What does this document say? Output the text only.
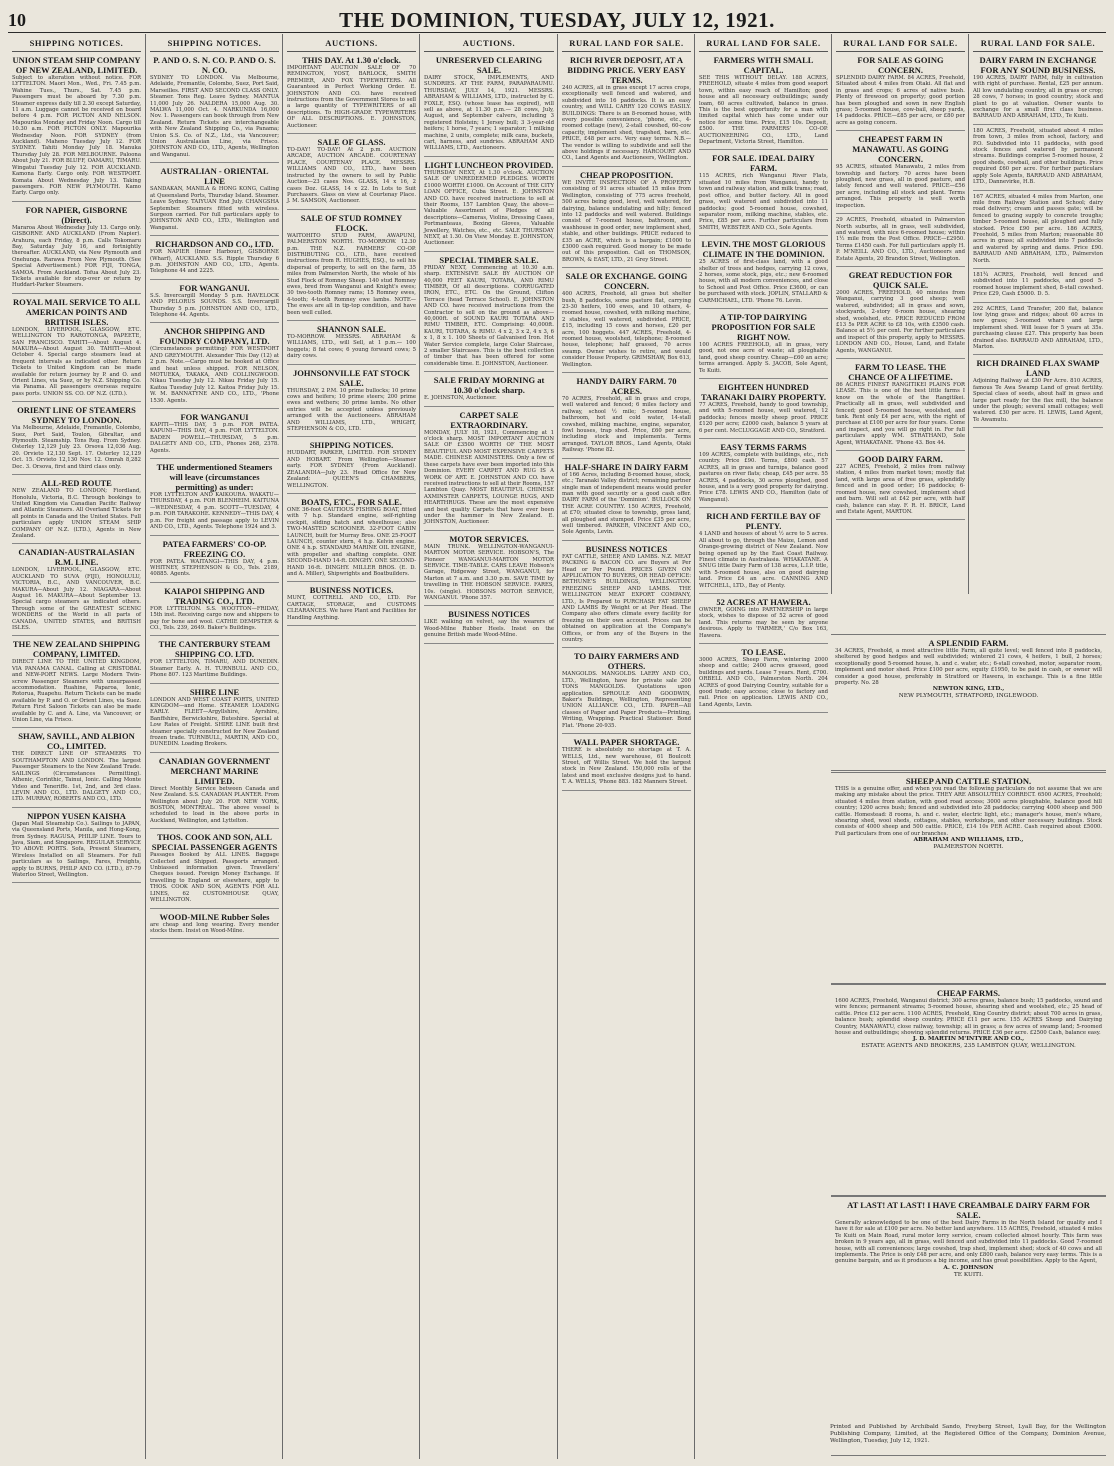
10	THE DOMINION, TUESDAY, JULY 12, 1921.
SHIPPING NOTICES.
UNION STEAM SHIP COMPANY OF NEW ZEALAND, LIMITED.
Subject to alteration without notice. FOR LYTTELTON. Maori Mon., Wed., Fri. 7.45 p.m. Wahine Tues., Thurs., Sat. 7.45 p.m. Passengers must be aboard by 7.30 p.m. Steamer express daily till 2.30 except Saturday, 11 a.m. Luggage cannot be received on board before 4 p.m. FOR PICTON AND NELSON. Mapourika Monday and Friday Noon. Cargo till 10.30 a.m. FOR PICTON ONLY. Mapourika Wednesday Noon. FOR SYDNEY (from Auckland). Maheno Tuesday July 12. FOR SYDNEY. Tahiti Monday July 18. Manuka Thursday July 28. FOR MELBOURNE. Paloona About July 21. FOR BLUFF, OAMARU, TIMARU. Wingatui Tuesday July 12. FOR AUCKLAND. Kamona Early. Cargo only. FOR WESTPORT. Komata About Wednesday July 13. Taking passengers. FOR NEW PLYMOUTH. Kamo Early. Cargo only.
FOR NAPIER, GISBORNE (Direct).
Mararoa About Wednesday July 13. Cargo only. GISBORNE AND AUCKLAND (From Napier). Arahura, each Friday, 8 p.m. Calls Tokomaru Bay, Saturday July 16, and fortnightly thereafter. AUCKLAND, via New Plymouth and Onehunga. Rarawa From New Plymouth. (See Special Advertisement.) FOR FIJI, TONGA, SAMOA. From Auckland. Tofua About July 23. Tickets available for stop-over or return by Huddart-Parker Steamers.
ROYAL MAIL SERVICE TO ALL AMERICAN POINTS AND BRITISH ISLES.
LONDON, LIVERPOOL, GLASGOW, ETC. WELLINGTON TO RAROTONGA, PAPEETE, SAN FRANCISCO. TAHITI—About August 4. MAKURA—About August 30. TAHITI—About October 4. Special cargo steamers lead at frequent intervals as indicated other. Return Tickets to United Kingdom can be made available for return journey by P. and O. and Orient Lines, via Suez, or by N.Z. Shipping Co. via Panama. All passengers overseas require pass ports. UNION SS. CO. OF N.Z. (LTD.).
ORIENT LINE OF STEAMERS SYDNEY TO LONDON.
Via Melbourne, Adelaide, Fremantle, Colombo, Suez, Port Said, Toulon, Gibraltar, and Plymouth. Steamship. Tons Reg. From Sydney. Osterley 12,129 July 23. Orsova 12,036 Aug. 20. Orvieto 12,130 Sept. 17. Osterley 12,129 Oct. 15. Orvieto 12,130 Nov. 12. Omrah 8,282 Dec. 3. Orsova, first and third class only.
ALL-RED ROUTE
NEW ZEALAND TO LONDON; Fiordland, Honolulu, Victoria, B.C. Through bookings to United Kingdom via Canadian Pacific Railway and Atlantic Steamers. All Overland Tickets for all points in Canada and the United States. Full particulars apply UNION STEAM SHIP COMPANY OF N.Z. (LTD.), Agents in New Zealand.
CANADIAN-AUSTRALASIAN R.M. LINE.
LONDON, LIVERPOOL, GLASGOW, ETC. AUCKLAND TO SUVA (FIJI), HONOLULU, VICTORIA, B.C., AND VANCOUVER, B.C. MAKURA—About July 12. NIAGARA—About August 16. MAKURA—About September 13. Special cargo steamers as indicated others. Through some of the GREATEST SCENIC WONDERS of the World in all parts of CANADA, UNITED STATES, and BRITISH ISLES.
THE NEW ZEALAND SHIPPING COMPANY, LIMITED.
DIRECT LINE TO THE UNITED KINGDOM, VIA PANAMA CANAL. Calling at CRISTOBAL and NEW-PORT NEWS. Large Modern Twin-screw Passenger Steamers with unsurpassed accommodation. Ruahine, Paparoa, Ionic, Rotorua, Ruapehu. Return Tickets can be made available by P. and O. or Orient Lines, via Suez. Return First Saloon Tickets can also be made available by C. and A. Line, via Vancouver, or Union Line, via Frisco.
SHAW, SAVILL, AND ALBION CO., LIMITED.
THE DIRECT LINE OF STEAMERS TO SOUTHAMPTON AND LONDON. The largest Passenger Steamers to the New Zealand Trade. SAILINGS (Circumstances Permitting). Athenic, Corinthic, Tainui, Ionic. Calling Monte Video and Teneriffe. 1st, 2nd, and 3rd class. LEVIN AND CO., LTD. DALGETY AND CO., LTD. MURRAY, ROBERTS AND CO., LTD.
NIPPON YUSEN KAISHA
(Japan Mail Steamship Co.). Sailings to JAPAN, via Queensland Ports, Manila, and Hong-Kong, from Sydney. RAGUSA, PHILIP LINE. Tours to Java, Siam, and Singapore. REGULAR SERVICE TO ABOVE PORTS. Sofa, Present Steamers, Wireless Installed on all Steamers. For full particulars as to Sailings, Fares, Freights, apply to BURNS, PHILP AND CO. (LTD.), 87-79 Waterloo Street, Wellington.
SHIPPING NOTICES.
P. AND O. S. N. CO. P. AND O. S. N. CO.
SYDNEY TO LONDON. Via Melbourne, Adelaide, Fremantle, Colombo, Suez, Port Said, Marseilles. FIRST AND SECOND CLASS ONLY. Steamer. Tons Reg. Leave Sydney. MANTUA 11,000 July 26. NALDERA 15,000 Aug. 30. MALWA 11,000 Oct. 4. NARKUNDA 16,000 Nov. 1. Passengers can book through from New Zealand. Return Tickets are interchangeable with New Zealand Shipping Co., via Panama; Union S.S. Co. of N.Z., Ltd., via Vancouver; Union Australasian Line, via Frisco. JOHNSTON AND CO., LTD., Agents, Wellington and Wanganui.
AUSTRALIAN - ORIENTAL LINE
SANDAKAN, MANILA & HONG KONG, Calling at Queensland Ports, Thursday Island. Steamer. Leave Sydney. TAIYUAN End July. CHANGSHA September. Steamers fitted with wireless. Surgeon carried. For full particulars apply to JOHNSTON AND CO., LTD., Wellington and Wanganui.
RICHARDSON AND CO., LTD.
FOR NAPIER (Inner Harbour), GISBORNE (Wharf), AUCKLAND. S.S. Ripple Thursday 6 p.m. JOHNSTON AND CO., LTD., Agents. Telephone 44 and 2225.
FOR WANGANUI.
S.S. Invercargill Monday 5 p.m. HAVELOCK AND PELORUS SOUNDS. S.S. Invercargill Thursday 5 p.m. JOHNSTON AND CO., LTD., Telephone 44. Agents.
ANCHOR SHIPPING AND FOUNDRY COMPANY, LTD.
(Circumstances permitting) FOR WESTPORT AND GREYMOUTH. Alexander This Day (12) at 2 p.m. Note.—Cargo must be booked at Office and heat unless shipped. FOR NELSON, MOTUEKA, TAKAKA, AND COLLINGWOOD. Nikau Tuesday July 12. Nikau Friday July 15. Kaitoa Tuesday July 12. Kaitoa Friday July 15. W. M. BANNATYNE AND CO., LTD., 'Phone 1530. Agents.
FOR WANGANUI
KAPITI—THIS DAY, 5 p.m. FOR PATEA. KAPUNI—THIS DAY, 4 p.m. FOR LYTTELTON. BADEN POWELL—THURSDAY, 5 p.m. DALGETY AND CO., LTD., Phones 268, 2378. Agents.
THE undermentioned Steamers will leave (circumstances permitting) as under:
FOR LYTTELTON AND KAIKOURA. WAKATU—THURSDAY, 4 p.m. FOR BLENHEIM. KAITUNA—WEDNESDAY, 4 p.m. SCOTT—TUESDAY, 4 p.m. FOR TARAKOHE. KENNEDY—THIS DAY, 4 p.m. For freight and passage apply to LEVIN AND CO., LTD., Agents. Telephone 1924 and 3.
PATEA FARMERS' CO-OP. FREEZING CO.
FOR PATEA. WAITANGI—THIS DAY, 4 p.m. WHITNEY, STEPHENSON & CO., Tels. 2189, 40885. Agents.
KAIAPOI SHIPPING AND TRADING CO., LTD.
FOR LYTTELTON. S.S. WOOTTON—FRIDAY, 15th inst. Receiving cargo now and shippers to pay for bone and wool. CATHIE DEMPSTER & CO., Tels. 239, 2649. Baker's Buildings.
THE CANTERBURY STEAM SHIPPING CO. LTD.
FOR LYTTELTON, TIMARU, AND DUNEDIN. Steamer Early. A. H. TURNBULL AND CO., Phone 807. 123 Maritime Buildings.
SHIRE LINE
LONDON AND WEST COAST PORTS, UNITED KINGDOM—and Home. STEAMER LOADING EARLY. FLEET—Argyllshire, Ayrshire, Banffshire, Berwickshire, Buteshire. Special at Low Rates of Freight. SHIRE LINE built first steamer specially constructed for New Zealand frozen trade. TURNBULL, MARTIN, AND CO., DUNEDIN. Loading Brokers.
CANADIAN GOVERNMENT MERCHANT MARINE LIMITED.
Direct Monthly Service between Canada and New Zealand. S.S. CANADIAN PLANTER. From Wellington about July 20. FOR NEW YORK, BOSTON, MONTREAL. The above vessel is scheduled to load in the above ports in Auckland, Wellington, and Lyttelton.
THOS. COOK AND SON, ALL SPECIAL PASSENGER AGENTS
Passages Booked by ALL LINES. Baggage Collected and Shipped. Passports arranged. Unbiassed information given. Travellers' Cheques issued. Foreign Money Exchange. If travelling to England or elsewhere, apply to THOS. COOK AND SON, AGENTS FOR ALL LINES, 62 CUSTOMHOUSE QUAY, WELLINGTON.
WOOD-MILNE Rubber Soles
are cheap and long wearing. Every mender stocks them. Insist on Wood-Milne.
AUCTIONS.
THIS DAY. At 1.30 o'clock.
IMPORTANT AUCTION SALE OF 70 REMINGTON, YOST, BARLOCK, SMITH PREMIER, AND FOX TYPEWRITERS. All Guaranteed in Perfect Working Order. E. JOHNSTON AND CO. have received instructions from the Government Stores to sell a large quantity of TYPEWRITERS of all descriptions. To HIGH-GRADE TYPEWRITERS OF ALL DESCRIPTIONS. E. JOHNSTON, Auctioneer.
SALE OF GLASS.
TO-DAY! TO-DAY! At 2 p.m. AUCTION ARCADE, AUCTION ARCADE. COURTENAY PLACE, COURTENAY PLACE. MESSRS. WILLIAMS AND CO., LTD., have been instructed by the owners to sell by Public Auction—23 cases Nos. GLASS, 14 x 16, 2 cases Doz. GLASS, 14 x 22. In Lots to Suit Purchasers. Glass on view at Courtenay Place. J. M. SAMSON, Auctioneer.
SALE OF STUD ROMNEY FLOCK.
WAITOHITO STUD FARM, AWAPUNI, PALMERSTON NORTH. TO-MORROW. 12.30 p.m. THE N.Z. FARMERS' CO-OP. DISTRIBUTING CO., LTD., have received instructions from R. HUGHES, ESQ., to sell his dispersal of property, to sell on the farm, 35 miles from Palmerston North, the whole of his Stud Flock of Romney Sheep. 140 stud Romney ewes, bred from Wanganui and Knight's ewes; 30 two-tooth Romney rams; 15 Romney ewes, 4-tooth; 4-tooth Romney ewe lambs. NOTE—The ewes are all in tip-top condition, and have been well culled.
SHANNON SALE.
TO-MORROW. MESSRS. ABRAHAM & WILLIAMS, LTD., will Sell, at 1 p.m.— 100 hoggets; 8 fat cows; 6 young forward cows; 5 dairy cows.
JOHNSONVILLE FAT STOCK SALE.
THURSDAY, 2 P.M. 10 prime bullocks; 10 prime cows and heifers; 10 prime steers; 200 prime ewes and wethers; 30 prime lambs. No other entries will be accepted unless previously arranged with the Auctioneers. ABRAHAM AND WILLIAMS, LTD., WRIGHT, STEPHENSON & CO., LTD.
SHIPPING NOTICES.
HUDDART, PARKER, LIMITED. FOR SYDNEY AND HOBART. From Wellington—Steamer early. FOR SYDNEY (From Auckland). ZEALANDIA—July 23. Head Office for New Zealand: QUEEN'S CHAMBERS, WELLINGTON.
BOATS, ETC., FOR SALE.
ONE 36-foot CAUTIOUS FISHING BOAT, fitted with 7 h.p. Standard engine, self-righting cockpit, sliding hatch and wheelhouse; also TWO-MASTED SCHOONER. 32-FOOT CABIN LAUNCH, built for Murray Bros. ONE 25-FOOT LAUNCH, counter stern, 4 h.p. Kelvin engine. ONE 4 h.p. STANDARD MARINE OIL ENGINE, with propeller and shafting complete. ONE SECOND-HAND 14-ft. DINGHY. ONE SECOND-HAND 16-ft. DINGHY. MILLER BROS. (E. D. and A. Miller), Shipwrights and Boatbuilders.
BUSINESS NOTICES.
MUNT, COTTRELL AND CO., LTD. For CARTAGE, STORAGE, and CUSTOMS CLEARANCES. We have Plant and Facilities for Handling Anything.
AUCTIONS.
UNRESERVED CLEARING SALE.
DAIRY STOCK, IMPLEMENTS, AND SUNDRIES. AT THE FARM, PARAPARAUMU. THURSDAY, JULY 14, 1921. MESSRS. ABRAHAM & WILLIAMS, LTD., instructed by C. FOXLE, ESQ. (whose lease has expired), will sell as above, at 11.30 p.m.— 28 cows, July, August, and September calvers, including 3 registered Holstein; 1 Jersey bull; 3 3-year-old heifers; 1 horse, 7 years; 1 separator; 1 milking machine, 2 units, complete; milk cans, buckets, cart, harness, and sundries. ABRAHAM AND WILLIAMS, LTD., Auctioneers.
LIGHT LUNCHEON PROVIDED.
THURSDAY NEXT, At 1.30 o'clock. AUCTION SALE OF UNREDEEMED PLEDGES. WORTH £1000 WORTH £1000. On Account of THE CITY LOAN OFFICE, Cuba Street. E. JOHNSTON AND CO. have received instructions to sell at their Rooms, 157 Lambton Quay, the above— Valuable Assortment of Pledges of all descriptions—Cameras, Violins, Dressing Cases, Portmanteaus, Boxing Gloves, Valuable Jewellery, Watches, etc., etc. SALE THURSDAY NEXT, at 1.30. On View Monday. E. JOHNSTON, Auctioneer.
SPECIAL TIMBER SALE.
FRIDAY NEXT, Commencing at 10.30 a.m. sharp. EXTENSIVE SALE BY AUCTION OF 40,000 FEET KAURI, TOTARA, AND RIMU TIMBER, Of all descriptions. CORRUGATED IRON, ETC., ETC. On the Ground, Clifton Terrace (head Terrace School). E. JOHNSTON AND CO. have received instructions from the Contractor to sell on the ground as above— 40,000ft. of SOUND KAURI TOTARA AND RIMU TIMBER, ETC. Comprising: 40,000ft. KAURI, TOTARA, & RIMU. 4 x 2, 3 x 2, 4 x 3, 6 x 1, 8 x 1. 100 Sheets of Galvanised Iron. Hot Water Service complete, large Colar Staircase, 2 smaller Staircases. This is the best collection of timber that has been offered for some considerable time. E. JOHNSTON, Auctioneer.
SALE FRIDAY MORNING at 10.30 o'clock sharp.
E. JOHNSTON, Auctioneer.
CARPET SALE EXTRAORDINARY.
MONDAY, JULY 18, 1921, Commencing at 1 o'clock sharp. MOST IMPORTANT AUCTION SALE OF £3500 WORTH OF THE MOST BEAUTIFUL AND MOST EXPENSIVE CARPETS MADE. CHINESE AXMINSTERS. Only a few of these carpets have ever been imported into this Dominion. EVERY CARPET AND RUG IS A WORK OF ART. E. JOHNSTON AND CO. have received instructions to sell at their Rooms, 157 Lambton Quay. MOST BEAUTIFUL CHINESE AXMINSTER CARPETS, LOUNGE RUGS, AND HEARTHRUGS. These are the most expensive and best quality Carpets that have ever been under the hammer in New Zealand. E. JOHNSTON, Auctioneer.
MOTOR SERVICES.
MAIN TRUNK. WELLINGTON-WANGANUI-MARTON MOTOR SERVICE. HOBSON'S, The Pioneer WANGANUI-MARTON MOTOR SERVICE. TIME-TABLE. CARS LEAVE Hobson's Garage, Ridgeway Street, WANGANUI, for Marton at 7 a.m. and 3.30 p.m. SAVE TIME by travelling in THE HOBSON SERVICE. FARES, 10s. (single). HOBSONS MOTOR SERVICE, WANGANUI. 'Phone 357.
BUSINESS NOTICES
LIKE walking on velvet, say the wearers of Wood-Milne Rubber Heels. Insist on the genuine British made Wood-Milne.
RURAL LAND FOR SALE.
RICH RIVER DEPOSIT, AT A BIDDING PRICE. VERY EASY TERMS.
240 ACRES, all in grass except 17 acres crops, exceptionally well fenced and watered, and subdivided into 16 paddocks. It is an easy country, and WILL CARRY 120 COWS EASILY. BUILDINGS: There is an 8-roomed house, with every possible convenience, 'phone, etc., 4-roomed cottage (new), 2-stall cowshed, 60-cow capacity, implement shed, trapshed, barn, etc. PRICE, £48 per acre. Very easy terms. N.B.—The vendor is willing to subdivide and sell the above holdings if necessary. HARCOURT AND CO., Land Agents and Auctioneers, Wellington.
CHEAP PROPOSITION.
WE INVITE INSPECTION OF A PROPERTY consisting of 91 acres situated 15 miles from Wellington, consisting of 775 acres freehold, 500 acres being good, level, well watered, for dairying, balance undulating and hilly; fenced into 12 paddocks and well watered. Buildings consist of 7-roomed house, bathroom, and washhouse in good order, new implement shed, stable, and other buildings. PRICE reduced to £35 an ACRE, which is a bargain; £1000 to £3000 cash required. Good money to be made out of this proposition. Call on THOMSON, BROWN, & EAST, LTD., 21 Grey Street.
SALE OR EXCHANGE. GOING CONCERN.
400 ACRES, Freehold, all grass but shelter bush, 8 paddocks, some pasture flat, carrying 23-30 heifers, 100 ewes, and 10 others, 4-roomed house, cowshed, with milking machine, 2 stables, well watered, subdivided. PRICE, £15, including 15 cows and horses, £20 per acre, 100 hoggets. 447 ACRES, Freehold, 4-roomed house, woolshed, telephone; 8-roomed house, telephone; half grassed, 70 acres swamp. Owner wishes to retire, and would consider House Property. GRIMSHAW, Box 613, Wellington.
HANDY DAIRY FARM. 70 ACRES.
70 ACRES, Freehold, all in grass and crops, well watered and fenced; 6 miles factory and railway, school ½ mile; 5-roomed house, bathroom, hot and cold water, 14-stall cowshed, milking machine, engine, separator, fowl houses, trap shed. Price, £60 per acre, including stock and implements. Terms arranged. TAYLOR BROS., Land Agents, Otaki Railway. 'Phone 82.
HALF-SHARE IN DAIRY FARM
of 166 Acres, including 8-roomed house, stock, etc.; Taranaki Valley district; remaining partner single man of independent means would prefer man with good security or a good cash offer. DAIRY FARM of the 'Dominion'. BULLOCK ON THE ACRE COUNTRY. 150 ACRES, Freehold, at £70; situated close to township, gross land, all ploughed and stumped. Price £35 per acre, well timbered. PARKER, VINCENT AND CO., Sole Agents, Levin.
BUSINESS NOTICES
FAT CATTLE, SHEEP, AND LAMBS. N.Z. MEAT PACKING & BACON CO. are Buyers at Per Head or Per Pound. PRICES GIVEN ON APPLICATION TO BUYERS, OR HEAD OFFICE: BETHUNE'S BUILDINGS, WELLINGTON. FREEZING SHEEP AND LAMBS. THE WELLINGTON MEAT EXPORT COMPANY, LTD., Is Prepared to PURCHASE FAT SHEEP AND LAMBS By Weight or at Per Head. The Company also offers climate every facility for freezing on their own account. Prices can be obtained on application at the Company's Offices, or from any of the Buyers in the country.
TO DAIRY FARMERS AND OTHERS.
MANGOLDS. MANGOLDS. LAERY AND CO., LTD., Wellington, have for private sale 200 TONS MANGOLDS. Quotations upon application. SPROULE AND GOODWIN, Baker's Buildings, Wellington, Representing UNION ALLIANCE CO., LTD. PAPER—All classes of Paper and Paper Products—Printing, Writing, Wrapping. Practical Stationer. Bond Flat. 'Phone 20-935.
WALL PAPER SHORTAGE.
THERE is absolutely no shortage at T. A. WELLS, Ltd., new warehouse, 61 Boulcott Street, off Willis Street. We hold the largest stock in New Zealand. 150,000 rolls of the latest and most exclusive designs just to hand. T. A. WELLS, 'Phone 883. 182 Manners Street.
RURAL LAND FOR SALE.
FARMERS WITH SMALL CAPITAL.
SEE THIS WITHOUT DELAY. 188 ACRES, FREEHOLD, situate 4 miles from good seaport town, within easy reach of Hamilton; good house and all necessary outbuildings; sandy loam, 60 acres cultivated, balance in grass. This is the best opportunity for a man with limited capital which has come under our notice for some time. Price, £15 10s. Deposit, £500. THE FARMERS' CO-OP. AUCTIONEERING CO., LTD., Land Department, Victoria Street, Hamilton.
FOR SALE. IDEAL DAIRY FARM.
115 ACRES, rich Wanganui River Flats, situated 10 miles from Wanganui, handy to town and railway station, and milk trams; road, post office, and butter factory. All in good grass, well watered and subdivided into 11 paddocks; good 5-roomed house, cowshed, separator room, milking machine, stables, etc. Price, £85 per acre. Further particulars from SMITH, WEBSTER AND CO., Sole Agents.
LEVIN. THE MOST GLORIOUS CLIMATE IN THE DOMINION.
25 ACRES of first-class land, with a good shelter of trees and hedges, carrying 12 cows, 2 horses, some stock, pigs, etc.; new 6-roomed house, with all modern conveniences, and close to School and Post Office. Price £3600, or can be purchased with stock. JOPLIN, STALLARD & CARMICHAEL, LTD. 'Phone 76. Levin.
A TIP-TOP DAIRYING PROPOSITION FOR SALE RIGHT NOW.
100 ACRES FREEHOLD, all in grass, very good, not one acre of waste; all ploughable land, good sheep country. Cheap—£60 an acre; terms arranged. Apply S. JACOB, Sole Agent, Te Kuiti.
EIGHTEEN HUNDRED TARANAKI DAIRY PROPERTY.
77 ACRES, Freehold, handy to good township, and with 5-roomed house, well watered, 12 paddocks; fences mostly sheep proof. PRICE £120 per acre; £2000 cash, balance 5 years at 6 per cent. McCLUGGAGE AND CO., Stratford.
EASY TERMS FARMS
109 ACRES, complete with buildings, etc., rich country. Price £90. Terms, £800 cash. 57 ACRES, all in grass and turnips, balance good pastures on river flats; cheap, £45 per acre. 55 ACRES, 4 paddocks, 30 acres ploughed, good house, and is a very good property for dairying. Price £78. LEWIS AND CO., Hamilton (late of Wanganui).
RICH AND FERTILE BAY OF PLENTY.
4 LAND and houses of about ½ acre to 5 acres. All about to go, through the Maize, Lemon and Orange-growing district of New Zealand. Now being opened up by the East Coast Railway. Finest climate in Australasia. WHAKATANE. A SNUG little Dairy Farm of 138 acres, L.I.P. title, with 5-roomed house, also on good dairying land. Price £4 an acre. CANNING AND WITCHELL, LTD., Bay of Plenty.
52 ACRES AT HAWERA.
OWNER, GOING into PARTNERSHIP in large stock, wishes to dispose of 52 acres of good land. This returns may be seen by anyone desirous. Apply to 'FARMER,' C/o Box 163, Hawera.
TO LEASE.
3000 ACRES, Sheep Farm, wintering 2000 sheep and cattle; 2400 acres grassed, good buildings and yards. Lease 7 years. Rent, £700. ORBELL AND CO., Palmerston North. 204 ACRES of good Dairying Country, suitable for a good trade; easy access; close to factory and rail. Price on application. LEWIS AND CO., Land Agents, Levin.
RURAL LAND FOR SALE.
FOR SALE AS GOING CONCERN.
SPLENDID DAIRY FARM. 84 ACRES, Freehold, Situated about 4 miles from Otaki. All flat and in grass and crops; 6 acres of native bush. Plenty of firewood on property; good portion has been ploughed and sown in new English grass; 5-roomed house, cow-bail, sheep yards, 14 paddocks. PRICE—£85 per acre, or £80 per acre as going concern.
CHEAPEST FARM IN MANAWATU. AS GOING CONCERN.
95 ACRES, situated Manawatu, 2 miles from township and factory. 70 acres have been ploughed, new grass, all in good pasture, and lately fenced and well watered. PRICE—£56 per acre, including all stock and plant. Terms arranged. This property is well worth inspection.
29 ACRES, Freehold, situated in Palmerston North suburbs, all in grass, well subdivided, and watered, with nice 6-roomed house; within 1½ mile from the Post Office. PRICE—£2950. Terms £1450 cash. For full particulars apply H. P. M'NEILL AND CO., LTD., Auctioneers and Estate Agents, 20 Brandon Street, Wellington.
GREAT REDUCTION FOR QUICK SALE.
2000 ACRES, FREEHOLD, 40 minutes from Wanganui, carrying 3 good sheep; well watered, subdivided; all in grass and sown, stockyards, 2-story 6-room house, shearing shed, woolshed, etc. PRICE REDUCED FROM £13 5s PER ACRE to £8 10s, with £3500 cash. Balance at 5½ per cent. For further particulars and inspect of this property, apply to MESSRS. LONDON AND CO., House, Land, and Estate Agents, WANGANUI.
FARM TO LEASE. THE CHANCE OF A LIFETIME.
86 ACRES FINEST RANGITIKEI PLAINS FOR LEASE. This is one of the best little farms I know on the whole of the Rangitikei. Practically all in grass, well subdivided and fenced; good 5-roomed house, woolshed, and tank. Rent only £4 per acre, with the right of purchase at £100 per acre for four years. Come and inspect, and you will go right in. For full particulars apply WM. STRATHAND, Sole Agent, WHAKATANE. 'Phone 43. Box 44.
GOOD DAIRY FARM.
227 ACRES, Freehold, 2 miles from railway station, 4 miles from market town; mostly flat land, with large area of free grass, splendidly fenced and in good order; 16 paddocks; 6-roomed house, new cowshed, implement shed and barn. Will sell at £42 per acre, with half cash, balance can stay. F. R. H. BRICE, Land and Estate Agent, MARTON.
RURAL LAND FOR SALE.
DAIRY FARM IN EXCHANGE FOR ANY SOUND BUSINESS.
190 ACRES, DAIRY FARM, fully in cultivation with right of purchase. Rental, £25 per annum. All low undulating country, all in grass or crop; 28 cows, 7 horses; in good country; stock and plant to go at valuation. Owner wants to exchange for a small first class business. BARRAUD AND ABRAHAM, LTD., Te Kuiti.
180 ACRES, Freehold, situated about 4 miles from town, 3 miles from school, factory, and P.O. Subdivided into 11 paddocks, with good stock fences and watered by permanent streams. Buildings comprise 5-roomed house, 2 good sheds, cowbail, and other buildings. Price required £60 per acre. For further particulars apply Sole Agents, BARRAUD AND ABRAHAM, LTD., Dannevirke, H.B.
167 ACRES, situated 4 miles from Marton, one mile from Railway Station and School; dairy road delivery; cream and passes gate; will be fenced to grazing supply to concrete troughs; timber 5-roomed house, all ploughed and fully stocked. Price £90 per acre. 186 ACRES, Freehold, 5 miles from Marton; reasonable 80 acres in grass; all subdivided into 7 paddocks and watered by spring and dams. Price £90. BARRAUD AND ABRAHAM, LTD., Palmerston North.
181¾ ACRES, Freehold, well fenced and subdivided into 11 paddocks, and good 5-roomed house implement shed, 8-stall cowshed. Price £29, Cash £5000. D. 5.
292 ACRES, Land Transfer, 200 flat, balance low lying grass and ridges; about 60 acres in new grass; 3-roomed whare and large implement shed. Will lease for 5 years at 35s. purchasing clause £27. This property has been drained also. BARRAUD AND ABRAHAM, LTD., Marton.
RICH DRAINED FLAX SWAMP LAND
Adjoining Railway at £30 Per Acre. 810 ACRES, famous Te Awa Swamp Land of great fertility. Special class of seeds, about half in grass and large part ready for the flax mill, the balance under the plough; several small cottages; well watered. £30 per acre. H. LEWIS, Land Agent, Te Awamutu.
A SPLENDID FARM.
34 ACRES, Freehold, a most attractive little Farm, all quite level; well fenced into 8 paddocks, sheltered by good hedges and well subdivided; wintered 21 cows, 4 heifers, 1 bull, 2 horses; exceptionally good 5-roomed house, h. and c. water, etc.; 6-stall cowshed, motor, separator room, implement and motor shed. Price £100 per acre, equity £1950, to be paid in cash, or owner will consider a good house, preferably in Stratford or Hawera, in exchange. This is a fine little property. No. 28
NEWTON KING, LTD.,
NEW PLYMOUTH, STRATFORD, INGLEWOOD.
SHEEP AND CATTLE STATION.
THIS is a genuine offer, and when you read the following particulars do not assume that we are making any mistake about the price. THEY ARE ABSOLUTELY CORRECT. 6500 ACRES, Freehold; situated 4 miles from station, with good road access; 3000 acres ploughable, balance good hill country; 1200 acres bush; fenced and subdivided into 28 paddocks; carrying 4000 sheep and 500 cattle. Homestead: 8 rooms, h. and c. water, electric light, etc.; manager's house, men's whare, shearing shed, wool sheds, cottages, stables, workshops, and other necessary buildings. Stock consists of 4000 sheep and 500 cattle. PRICE, £14 10s PER ACRE. Cash required about £5000. Full particulars from one of our branches.
ABRAHAM AND WILLIAMS, LTD.,
PALMERSTON NORTH.
CHEAP FARMS.
1600 ACRES, Freehold, Wanganui district; 300 acres grass, balance bush; 15 paddocks, sound and wire fences; permanent streams; 5-roomed house, shearing shed and woolshed, etc.; 25 head of cattle. Price £12 per acre. 1100 ACRES, Freehold, King Country district; about 700 acres in grass, balance bush; splendid sheep country. PRICE £11 per acre. 155 ACRES Sheep and Dairying Country, MANAWATU, close railway, township; all in grass; a few acres of swamp land; 5-roomed house and outbuildings; showing splendid returns. PRICE £36 per acre. £2500 Cash, balance easy.
J. D. MARTIN M'INTYRE AND CO.,
ESTATE AGENTS AND BROKERS, 235 LAMBTON QUAY, WELLINGTON.
AT LAST! AT LAST! I HAVE CREAMBALE DAIRY FARM FOR SALE.
Generally acknowledged to be one of the best Dairy Farms in the North Island for quality and I have it for sale at £100 per acre. No better land anywhere. 115 ACRES, Freehold, situated 4 miles Te Kuiti on Main Road, rural motor lorry service, cream collected almost hourly. This farm was broken in 9 years ago, all in grass, well fenced and subdivided into 11 paddocks. Good 7-roomed house, with all conveniences; large cowshed, trap shed, implement shed; stock of 40 cows and all implements. The Price is only £48 per acre, and only £800 cash, balance very easy terms. This is a genuine bargain, and as it produces a big income, and has great possibilities. Apply to the Agent,
A. C. JOHNSON
TE KUITI.
Printed and Published by Archibald Sando, Freyberg Street, Lyall Bay, for the Wellington Publishing Company, Limited, at the Registered Office of the Company, Dominion Avenue, Wellington, Tuesday, July 12, 1921.
